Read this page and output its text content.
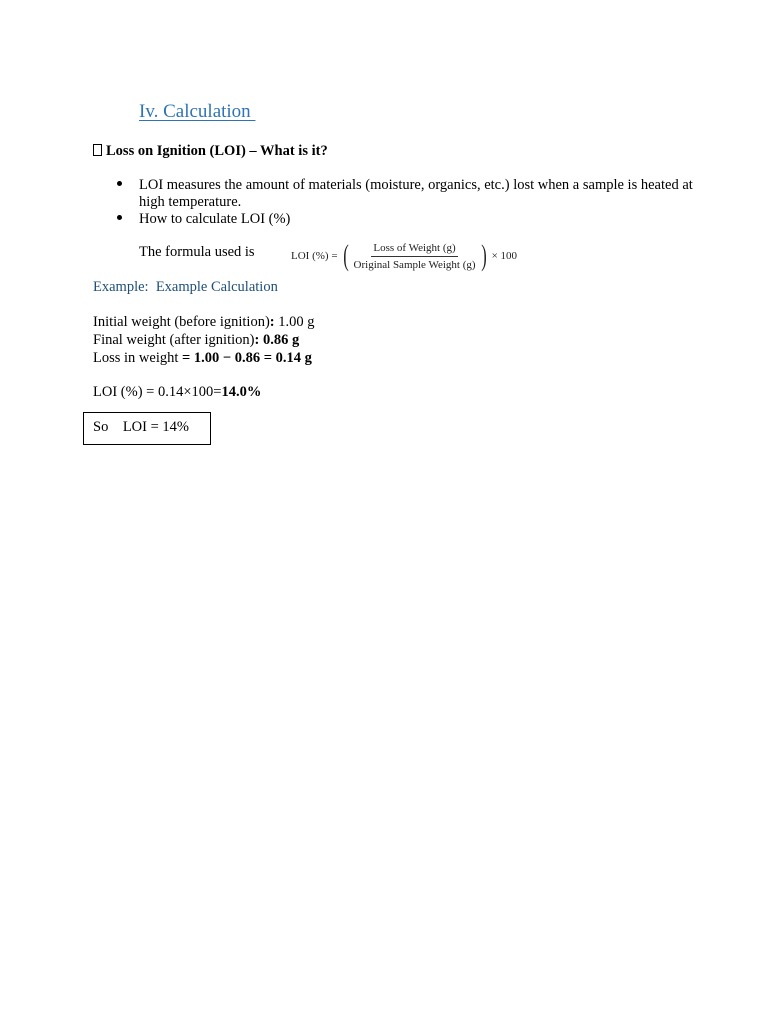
Iv. Calculation
Loss on Ignition (LOI) – What is it?
LOI measures the amount of materials (moisture, organics, etc.) lost when a sample is heated at high temperature.
How to calculate LOI (%)
The formula used is	LOI (%) = ( $\frac{\text{Loss of Weight (g)}}{\text{Original Sample Weight (g)}}$ ) × 100
Example:  Example Calculation
Initial weight (before ignition): 1.00 g
Final weight (after ignition): 0.86 g
Loss in weight = 1.00 − 0.86 = 0.14 g
LOI (%) = 0.14×100=14.0%
So    LOI = 14%
